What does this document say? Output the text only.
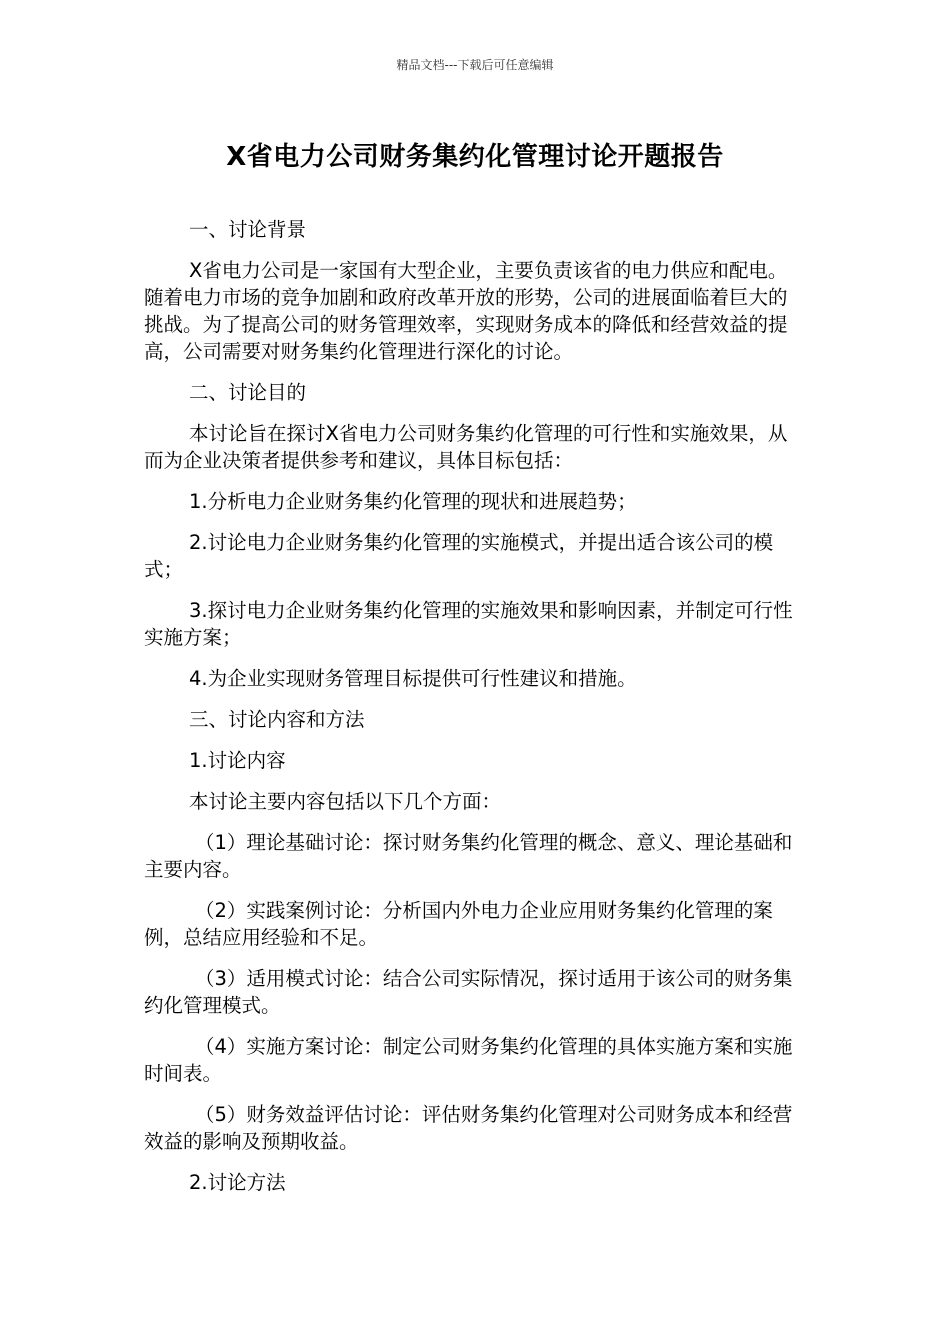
精品文档---下载后可任意编辑
X省电力公司财务集约化管理讨论开题报告

一、讨论背景

X省电力公司是一家国有大型企业，主要负责该省的电力供应和配电。随着电力市场的竞争加剧和政府改革开放的形势，公司的进展面临着巨大的挑战。为了提高公司的财务管理效率，实现财务成本的降低和经营效益的提高，公司需要对财务集约化管理进行深化的讨论。

二、讨论目的

本讨论旨在探讨X省电力公司财务集约化管理的可行性和实施效果，从而为企业决策者提供参考和建议，具体目标包括：

1.分析电力企业财务集约化管理的现状和进展趋势；

2.讨论电力企业财务集约化管理的实施模式，并提出适合该公司的模式；

3.探讨电力企业财务集约化管理的实施效果和影响因素，并制定可行性实施方案；

4.为企业实现财务管理目标提供可行性建议和措施。

三、讨论内容和方法

1.讨论内容

本讨论主要内容包括以下几个方面：

（1）理论基础讨论：探讨财务集约化管理的概念、意义、理论基础和主要内容。

（2）实践案例讨论：分析国内外电力企业应用财务集约化管理的案例，总结应用经验和不足。

（3）适用模式讨论：结合公司实际情况，探讨适用于该公司的财务集约化管理模式。

（4）实施方案讨论：制定公司财务集约化管理的具体实施方案和实施时间表。

（5）财务效益评估讨论：评估财务集约化管理对公司财务成本和经营效益的影响及预期收益。

2.讨论方法
